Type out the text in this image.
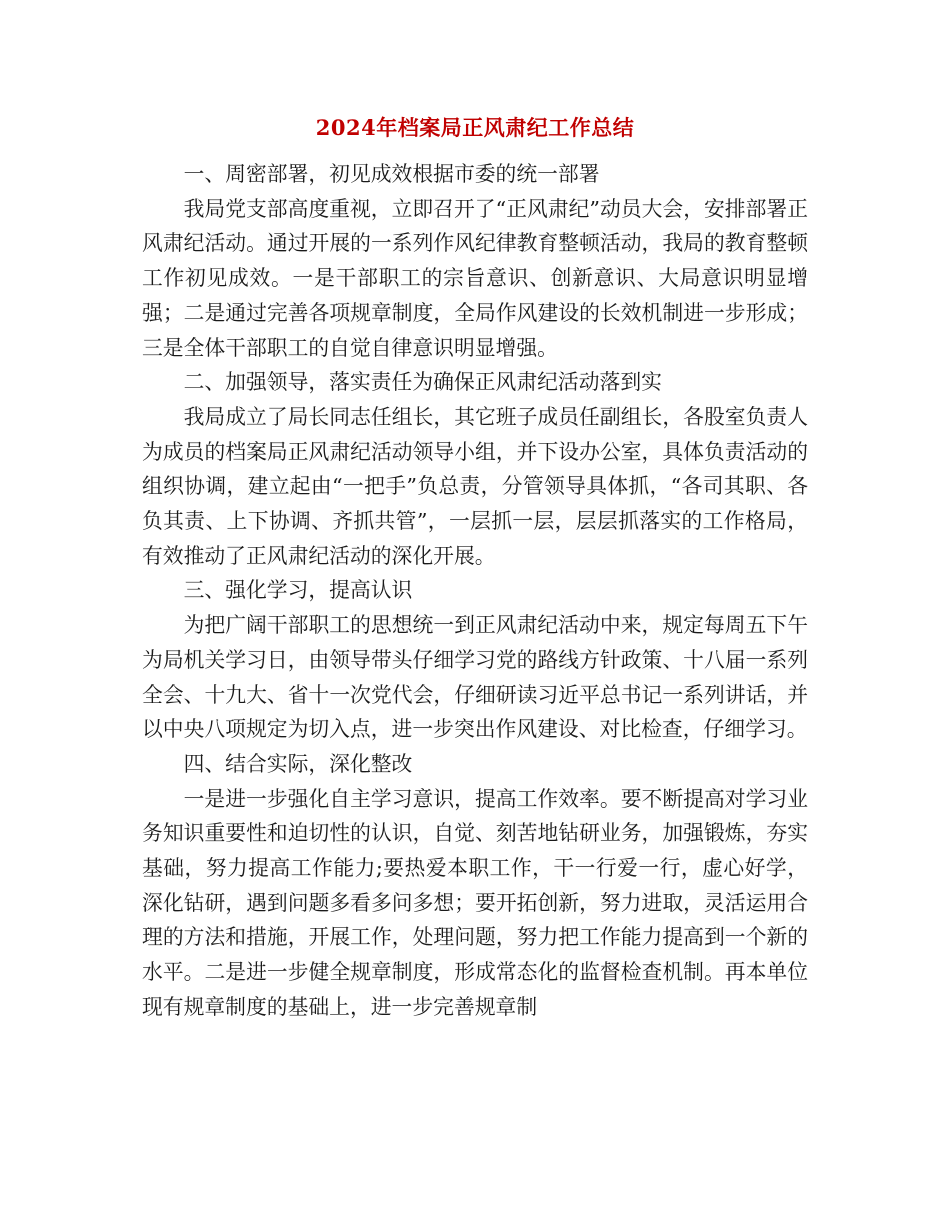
2024年档案局正风肃纪工作总结

一、周密部署，初见成效根据市委的统一部署

我局党支部高度重视，立即召开了“正风肃纪”动员大会，安排部署正风肃纪活动。通过开展的一系列作风纪律教育整顿活动，我局的教育整顿工作初见成效。一是干部职工的宗旨意识、创新意识、大局意识明显增强；二是通过完善各项规章制度，全局作风建设的长效机制进一步形成；三是全体干部职工的自觉自律意识明显增强。

二、加强领导，落实责任为确保正风肃纪活动落到实

我局成立了局长同志任组长，其它班子成员任副组长，各股室负责人为成员的档案局正风肃纪活动领导小组，并下设办公室，具体负责活动的组织协调，建立起由“一把手”负总责，分管领导具体抓，“各司其职、各负其责、上下协调、齐抓共管”，一层抓一层，层层抓落实的工作格局，有效推动了正风肃纪活动的深化开展。

三、强化学习，提高认识

为把广阔干部职工的思想统一到正风肃纪活动中来，规定每周五下午为局机关学习日，由领导带头仔细学习党的路线方针政策、十八届一系列全会、十九大、省十一次党代会，仔细研读习近平总书记一系列讲话，并以中央八项规定为切入点，进一步突出作风建设、对比检查，仔细学习。

四、结合实际，深化整改

一是进一步强化自主学习意识，提高工作效率。要不断提高对学习业务知识重要性和迫切性的认识，自觉、刻苦地钻研业务，加强锻炼，夯实基础，努力提高工作能力;要热爱本职工作，干一行爱一行，虚心好学，深化钻研，遇到问题多看多问多想；要开拓创新，努力进取，灵活运用合理的方法和措施，开展工作，处理问题，努力把工作能力提高到一个新的水平。二是进一步健全规章制度，形成常态化的监督检查机制。再本单位现有规章制度的基础上，进一步完善规章制
